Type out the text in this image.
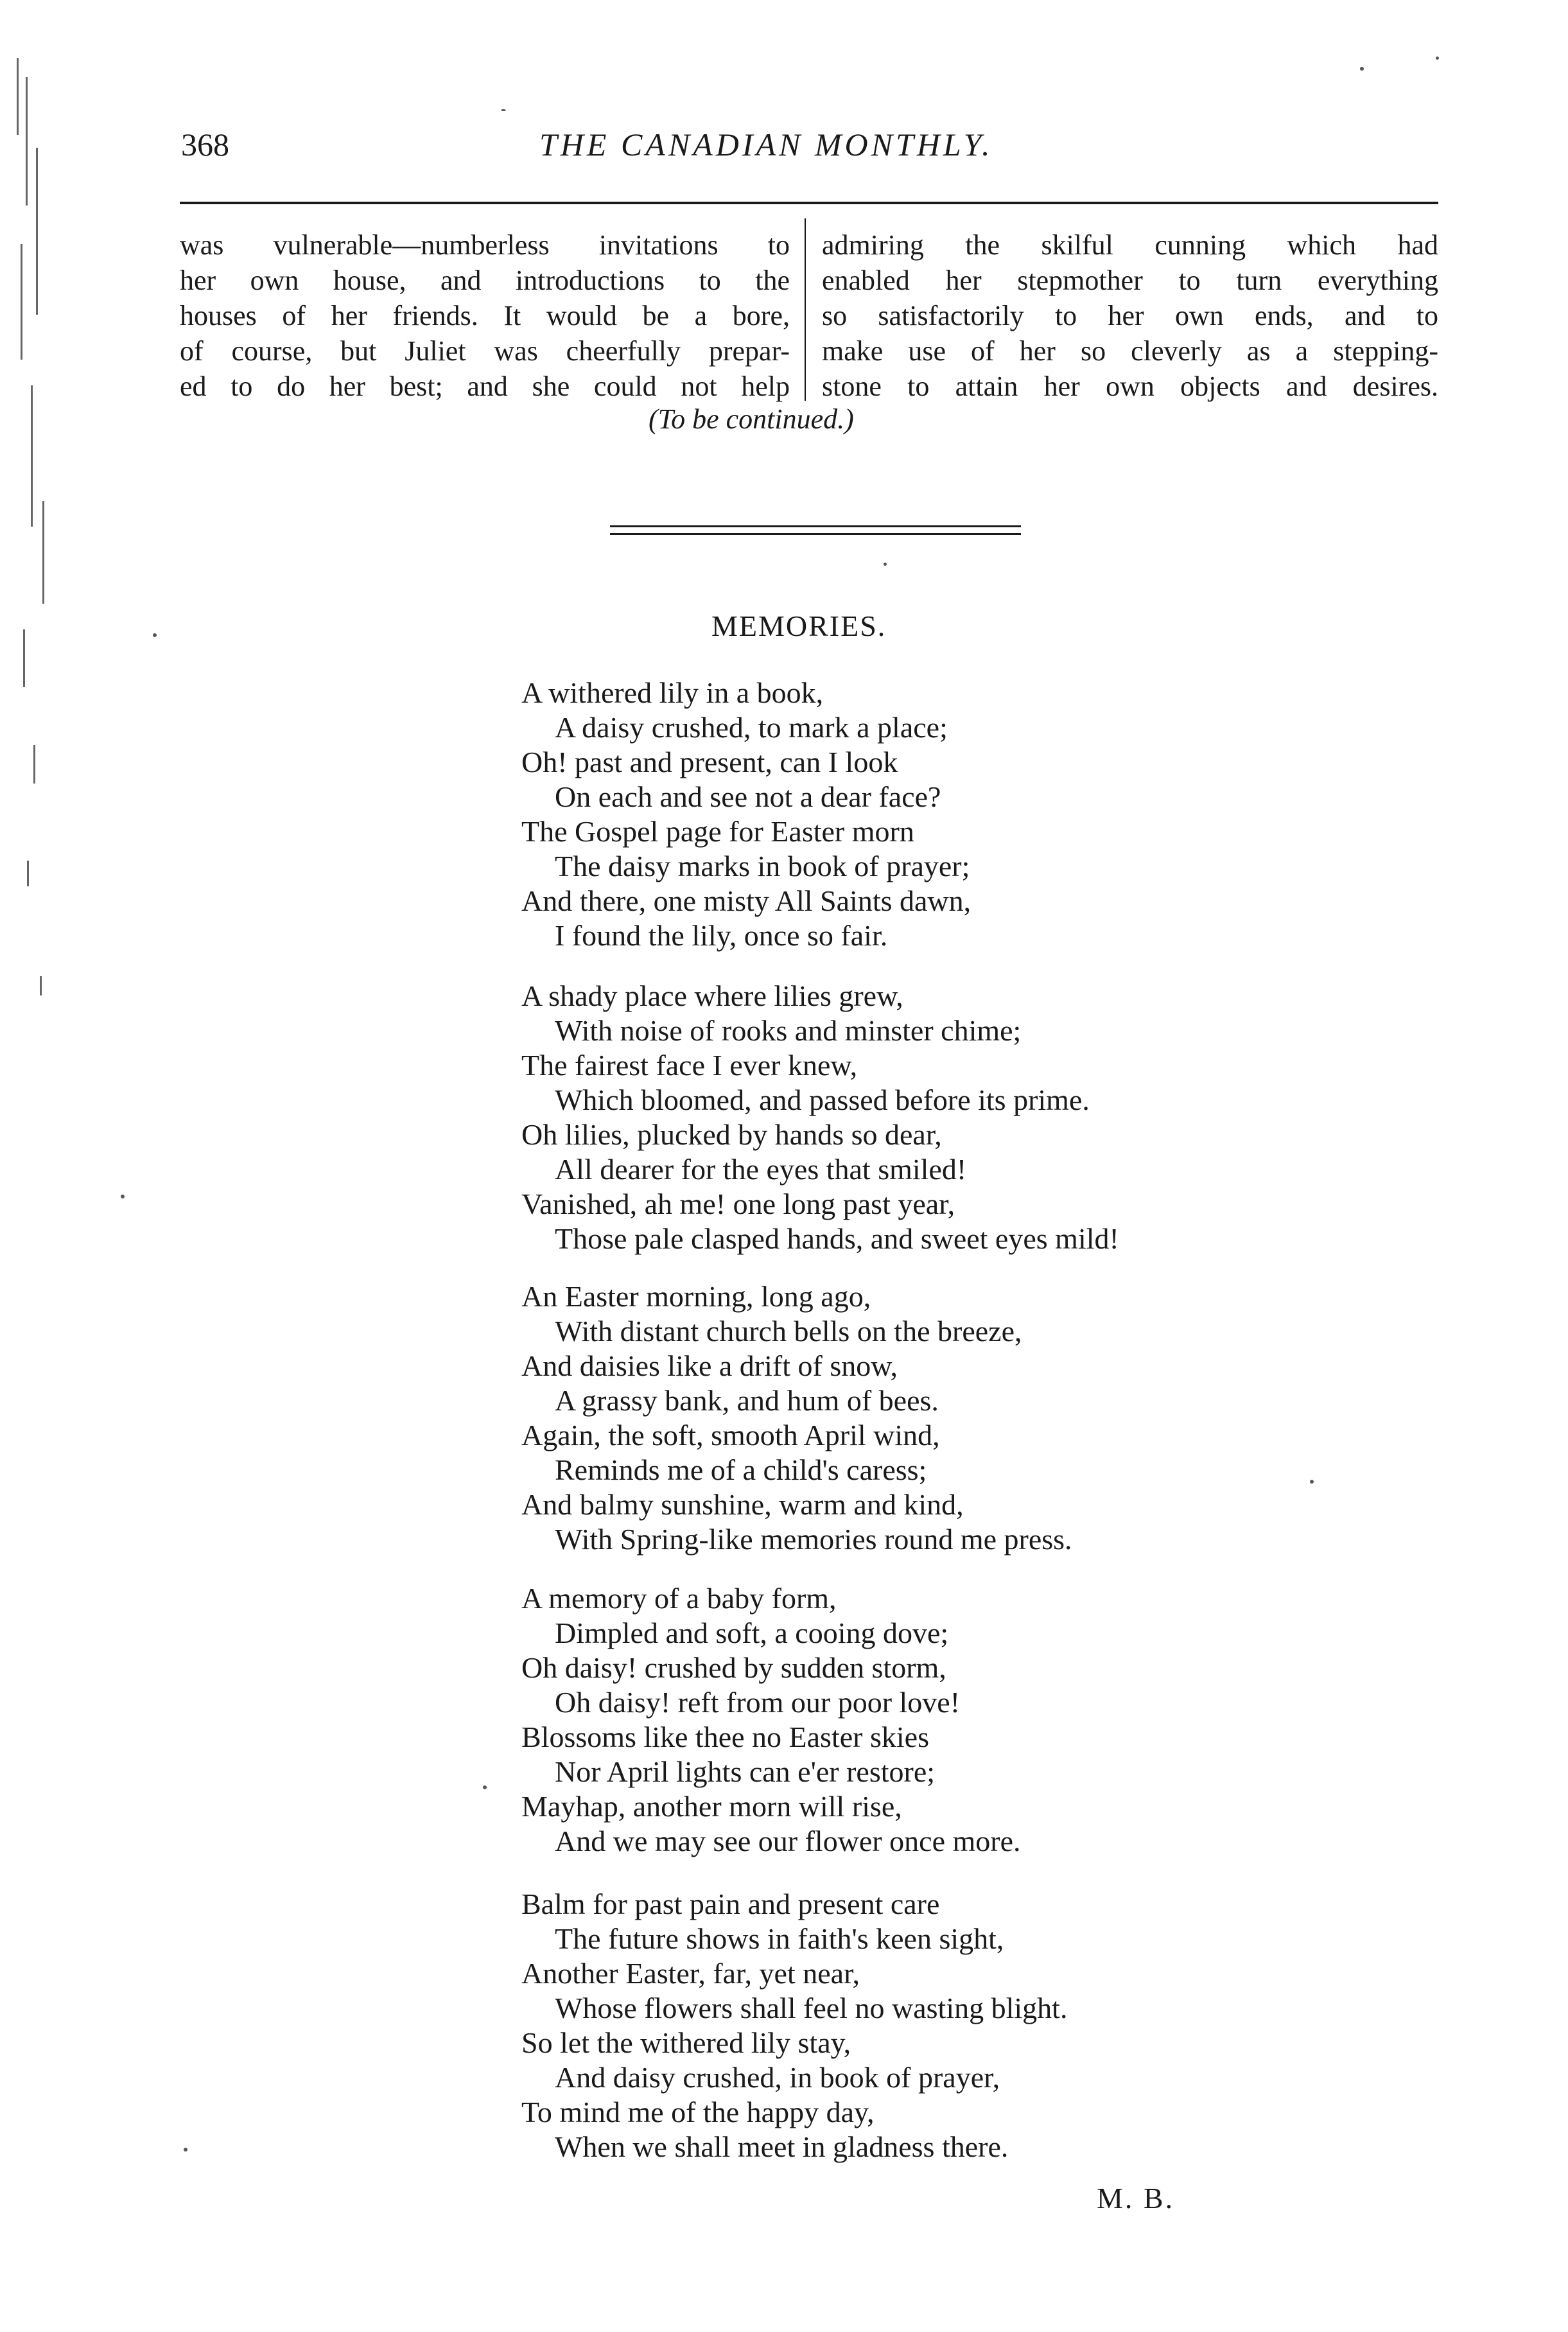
368	THE CANADIAN MONTHLY.
was vulnerable—numberless invitations to
her own house, and introductions to the
houses of her friends. It would be a bore,
of course, but Juliet was cheerfully prepar-
ed to do her best; and she could not help
admiring the skilful cunning which had
enabled her stepmother to turn everything
so satisfactorily to her own ends, and to
make use of her so cleverly as a stepping-
stone to attain her own objects and desires.
(To be continued.)
MEMORIES.
A withered lily in a book,
A daisy crushed, to mark a place;
Oh! past and present, can I look
On each and see not a dear face?
The Gospel page for Easter morn
The daisy marks in book of prayer;
And there, one misty All Saints dawn,
I found the lily, once so fair.
A shady place where lilies grew,
With noise of rooks and minster chime;
The fairest face I ever knew,
Which bloomed, and passed before its prime.
Oh lilies, plucked by hands so dear,
All dearer for the eyes that smiled!
Vanished, ah me! one long past year,
Those pale clasped hands, and sweet eyes mild!
An Easter morning, long ago,
With distant church bells on the breeze,
And daisies like a drift of snow,
A grassy bank, and hum of bees.
Again, the soft, smooth April wind,
Reminds me of a child's caress;
And balmy sunshine, warm and kind,
With Spring-like memories round me press.
A memory of a baby form,
Dimpled and soft, a cooing dove;
Oh daisy! crushed by sudden storm,
Oh daisy! reft from our poor love!
Blossoms like thee no Easter skies
Nor April lights can e'er restore;
Mayhap, another morn will rise,
And we may see our flower once more.
Balm for past pain and present care
The future shows in faith's keen sight,
Another Easter, far, yet near,
Whose flowers shall feel no wasting blight.
So let the withered lily stay,
And daisy crushed, in book of prayer,
To mind me of the happy day,
When we shall meet in gladness there.
M. B.
